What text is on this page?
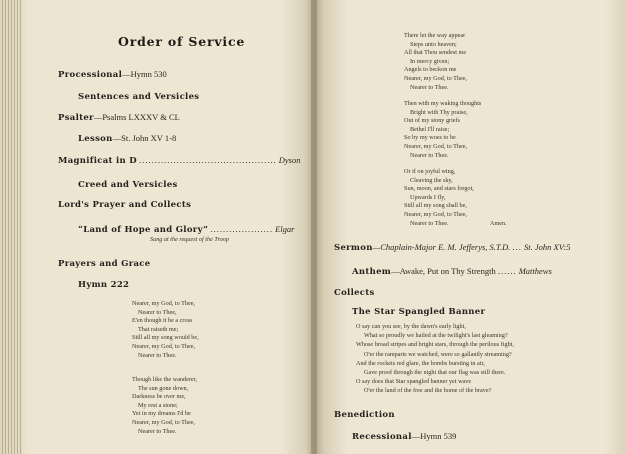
Order of Service
Processional—Hymn 530
Sentences and Versicles
Psalter—Psalms LXXXV & CL
Lesson—St. John XV 1-8
Magnificat in D ............................................ Dyson
Creed and Versicles
Lord's Prayer and Collects
“Land of Hope and Glory” .................... Elgar
Sung at the request of the Troop
Prayers and Grace
Hymn 222
Nearer, my God, to Thee,
Nearer to Thee,
E'en though it be a cross
That raiseth me;
Still all my song would be,
Nearer, my God, to Thee,
Nearer to Thee.
Though like the wanderer,
The sun gone down,
Darkness be over me,
My rest a stone;
Yet in my dreams I'd be
Nearer, my God, to Thee,
Nearer to Thee.
There let the way appear
Steps unto heaven;
All that Thou sendest me
In mercy given;
Angels to beckon me
Nearer, my God, to Thee,
Nearer to Thee.
Then with my waking thoughts
Bright with Thy praise,
Out of my stony griefs
Bethel I'll raise;
So by my woes to be
Nearer, my God, to Thee,
Nearer to Thee.
Or if on joyful wing,
Cleaving the sky,
Sun, moon, and stars forgot,
Upwards I fly,
Still all my song shall be,
Nearer, my God, to Thee,
Nearer to Thee.	Amen.
Sermon—Chaplain-Major E. M. Jefferys, S.T.D. ... St. John XV:5
Anthem—Awake, Put on Thy Strength ...... Matthews
Collects
The Star Spangled Banner
O say can you see, by the dawn's early light,
What so proudly we hailed at the twilight's last gleaming?
Whose broad stripes and bright stars, through the perilous fight,
O'er the ramparts we watched, were so gallantly streaming?
And the rockets red glare, the bombs bursting in air,
Gave proof through the night that our flag was still there.
O say does that Star spangled banner yet wave
O'er the land of the free and the home of the brave?
Benediction
Recessional—Hymn 539
